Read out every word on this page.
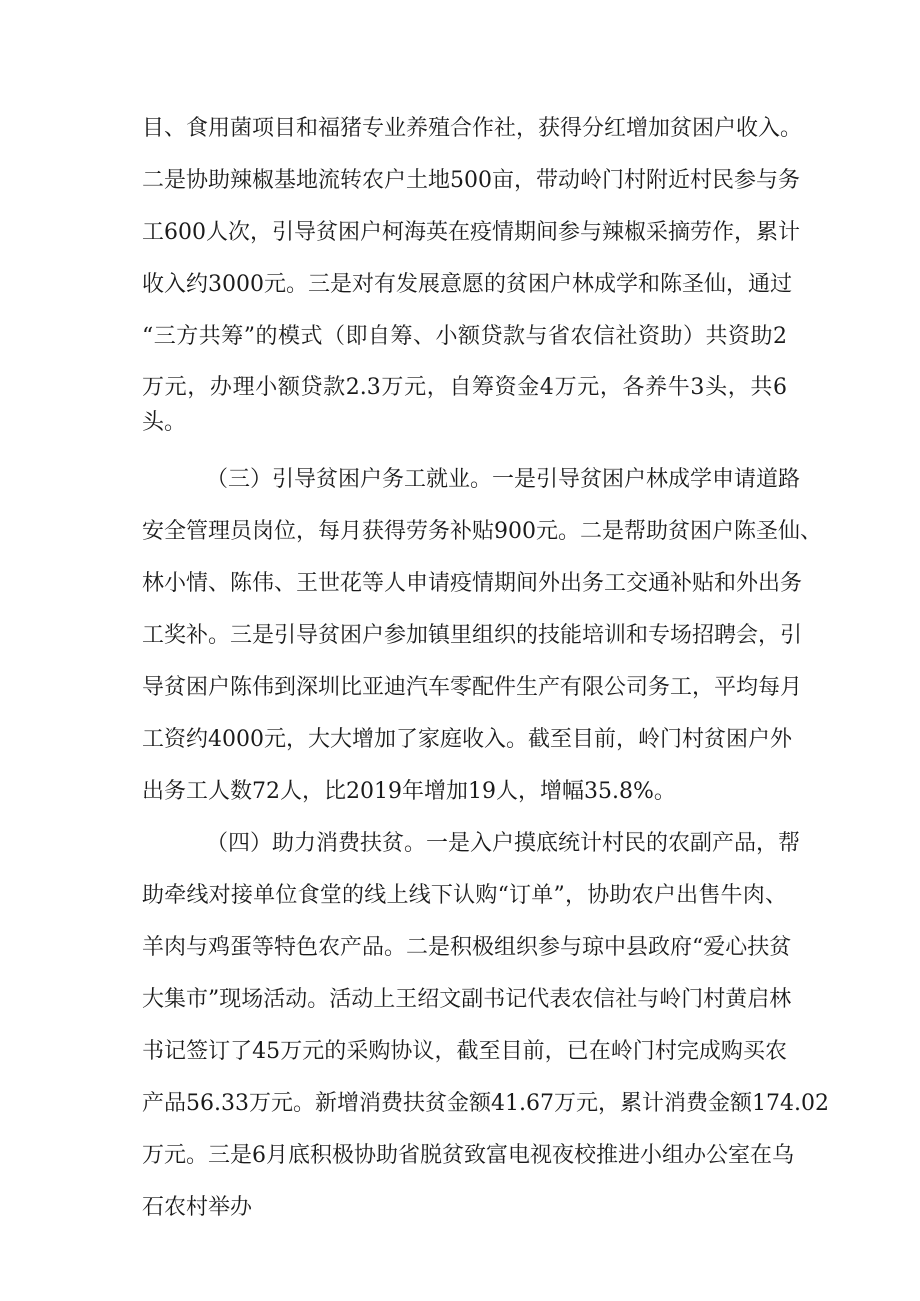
目、食用菌项目和福猪专业养殖合作社，获得分红增加贫困户收入。
二是协助辣椒基地流转农户土地500亩，带动岭门村附近村民参与务
工600人次，引导贫困户柯海英在疫情期间参与辣椒采摘劳作，累计
收入约3000元。三是对有发展意愿的贫困户林成学和陈圣仙，通过
“三方共筹”的模式（即自筹、小额贷款与省农信社资助）共资助2
万元，办理小额贷款2.3万元，自筹资金4万元，各养牛3头，共6
头。
（三）引导贫困户务工就业。一是引导贫困户林成学申请道路
安全管理员岗位，每月获得劳务补贴900元。二是帮助贫困户陈圣仙、
林小情、陈伟、王世花等人申请疫情期间外出务工交通补贴和外出务
工奖补。三是引导贫困户参加镇里组织的技能培训和专场招聘会，引
导贫困户陈伟到深圳比亚迪汽车零配件生产有限公司务工，平均每月
工资约4000元，大大增加了家庭收入。截至目前，岭门村贫困户外
出务工人数72人，比2019年增加19人，增幅35.8%。
（四）助力消费扶贫。一是入户摸底统计村民的农副产品，帮
助牵线对接单位食堂的线上线下认购“订单”，协助农户出售牛肉、
羊肉与鸡蛋等特色农产品。二是积极组织参与琼中县政府“爱心扶贫
大集市”现场活动。活动上王绍文副书记代表农信社与岭门村黄启林
书记签订了45万元的采购协议，截至目前，已在岭门村完成购买农
产品56.33万元。新增消费扶贫金额41.67万元，累计消费金额174.02
万元。三是6月底积极协助省脱贫致富电视夜校推进小组办公室在乌
石农村举办
